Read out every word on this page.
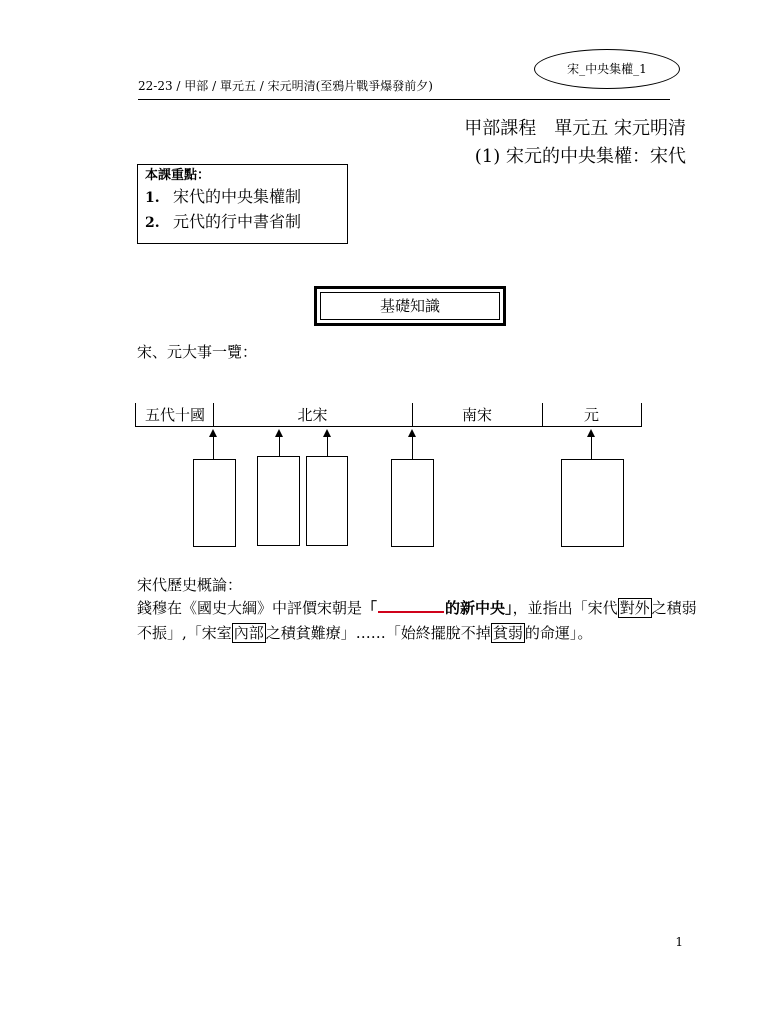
宋_中央集權_1
22-23 / 甲部 / 單元五 / 宋元明清(至鴉片戰爭爆發前夕)
甲部課程　單元五 宋元明清
(1) 宋元的中央集權：宋代
本課重點：
1. 宋代的中央集權制
2. 元代的行中書省制
基礎知識
宋、元大事一覽：
五代十國	北宋	南宋	元
宋代歷史概論：
錢穆在《國史大綱》中評價宋朝是「	的新中央」，並指出「宋代 對外 之積弱不振」,「宋室 內部 之積貧難療」……「始終擺脫不掉 貧弱 的命運」。
1
